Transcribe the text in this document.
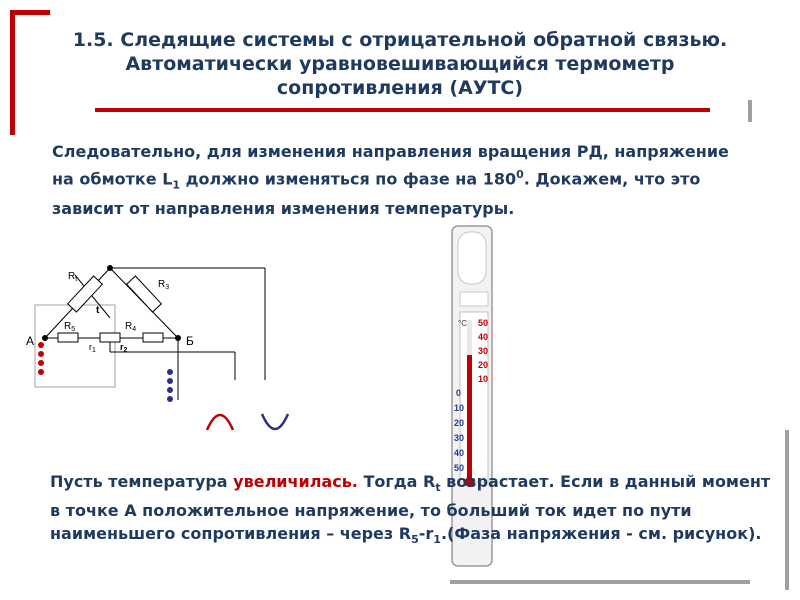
1.5. Следящие системы с отрицательной обратной связью.
Автоматически уравновешивающийся термометр
сопротивления (АУТС)
Следовательно, для изменения направления вращения РД, напряжение на обмотке $L_1$ должно изменяться по фазе на $180^0$. Докажем, что это зависит от направления изменения температуры.
$R_t$
t
$R_3$
$R_5$	$R_4$
$r_1$	$r_2$
А	Б
°C 50
40
30
20
10
0
10
20
30
40
50
Пусть температура увеличилась. Тогда $R_t$ возрастает. Если в данный момент в точке А положительное напряжение, то больший ток идет по пути наименьшего сопротивления – через $R_5-r_1.(Фаза$ напряжения - см. рисунок).
